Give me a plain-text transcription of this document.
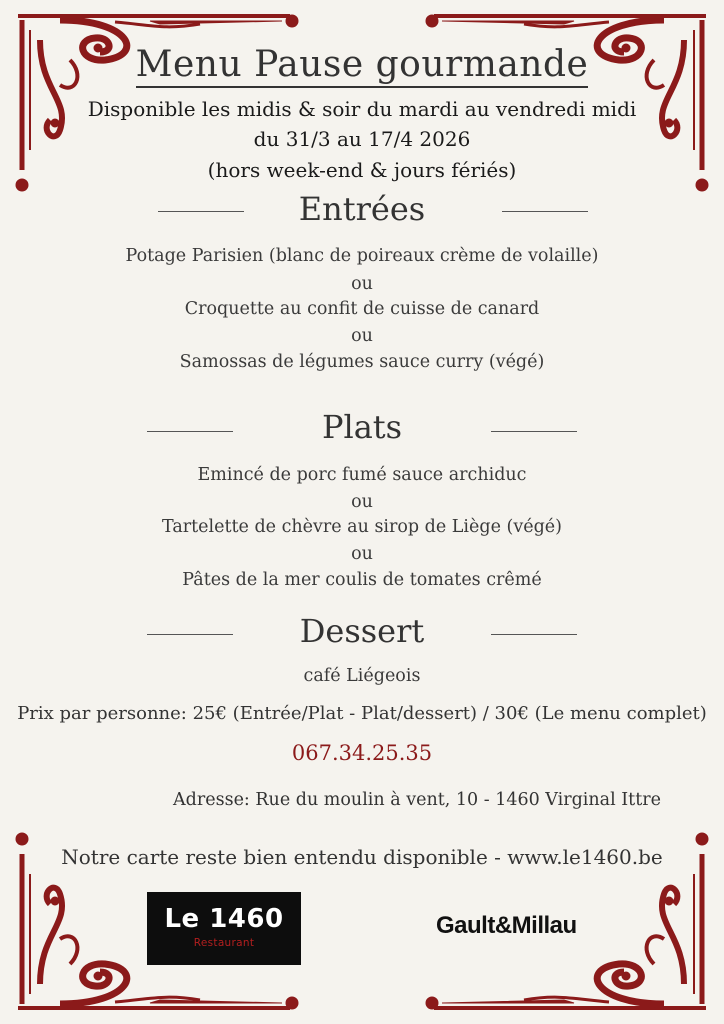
Menu Pause gourmande
Disponible les midis & soir du mardi au vendredi midi
du 31/3 au 17/4 2026
(hors week-end & jours fériés)
Entrées
Potage Parisien (blanc de poireaux crème de volaille)
ou
Croquette au confit de cuisse de canard
ou
Samossas de légumes sauce curry (végé)
Plats
Emincé de porc fumé sauce archiduc
ou
Tartelette de chèvre au sirop de Liège (végé)
ou
Pâtes de la mer coulis de tomates crêmé
Dessert
café Liégeois
Prix par personne: 25€ (Entrée/Plat - Plat/dessert) / 30€ (Le menu complet)
067.34.25.35
Adresse: Rue du moulin à vent, 10 - 1460 Virginal Ittre
Notre carte reste bien entendu disponible - www.le1460.be
Le 1460
Restaurant
Gault&Millau
